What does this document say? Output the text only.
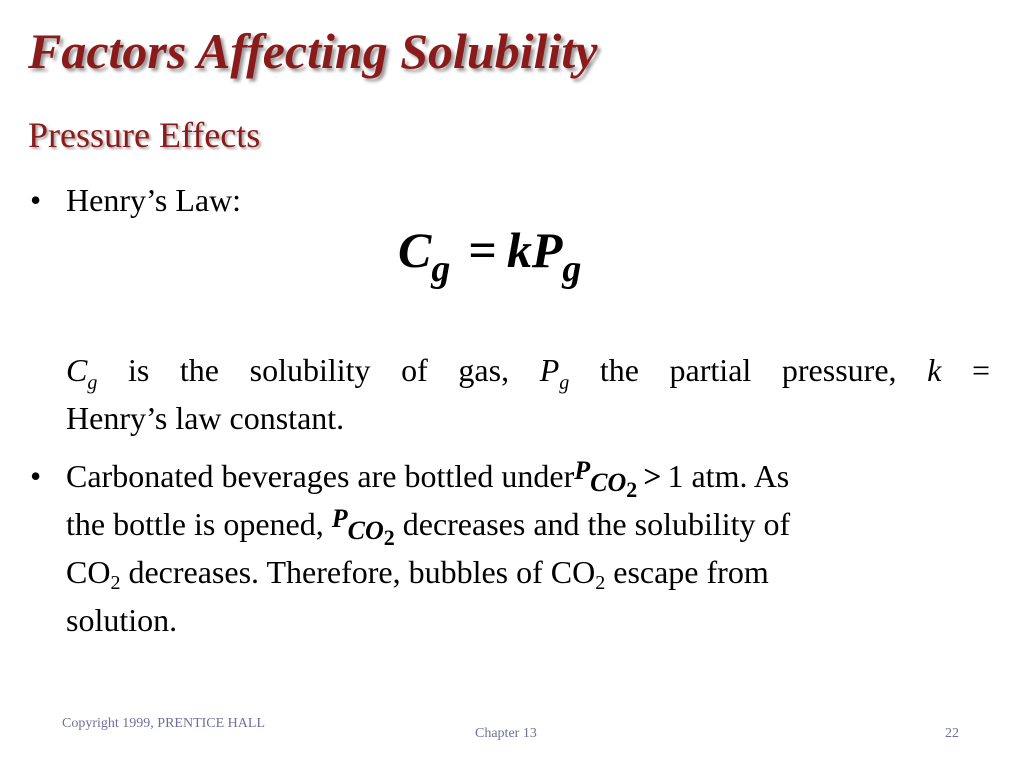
Factors Affecting Solubility
Pressure Effects
• Henry’s Law:
$C_g = kP_g$
$C_g$ is the solubility of gas, $P_g$ the partial pressure, k =
Henry’s law constant.
• Carbonated beverages are bottled $under^PCO_2 > 1$ atm. As
the bottle is opened, $^PCO_2$ decreases and the solubility of
$CO_2$ decreases. Therefore, bubbles of $CO_2$ escape from
solution.
Copyright 1999, PRENTICE HALL
Chapter 13	22
